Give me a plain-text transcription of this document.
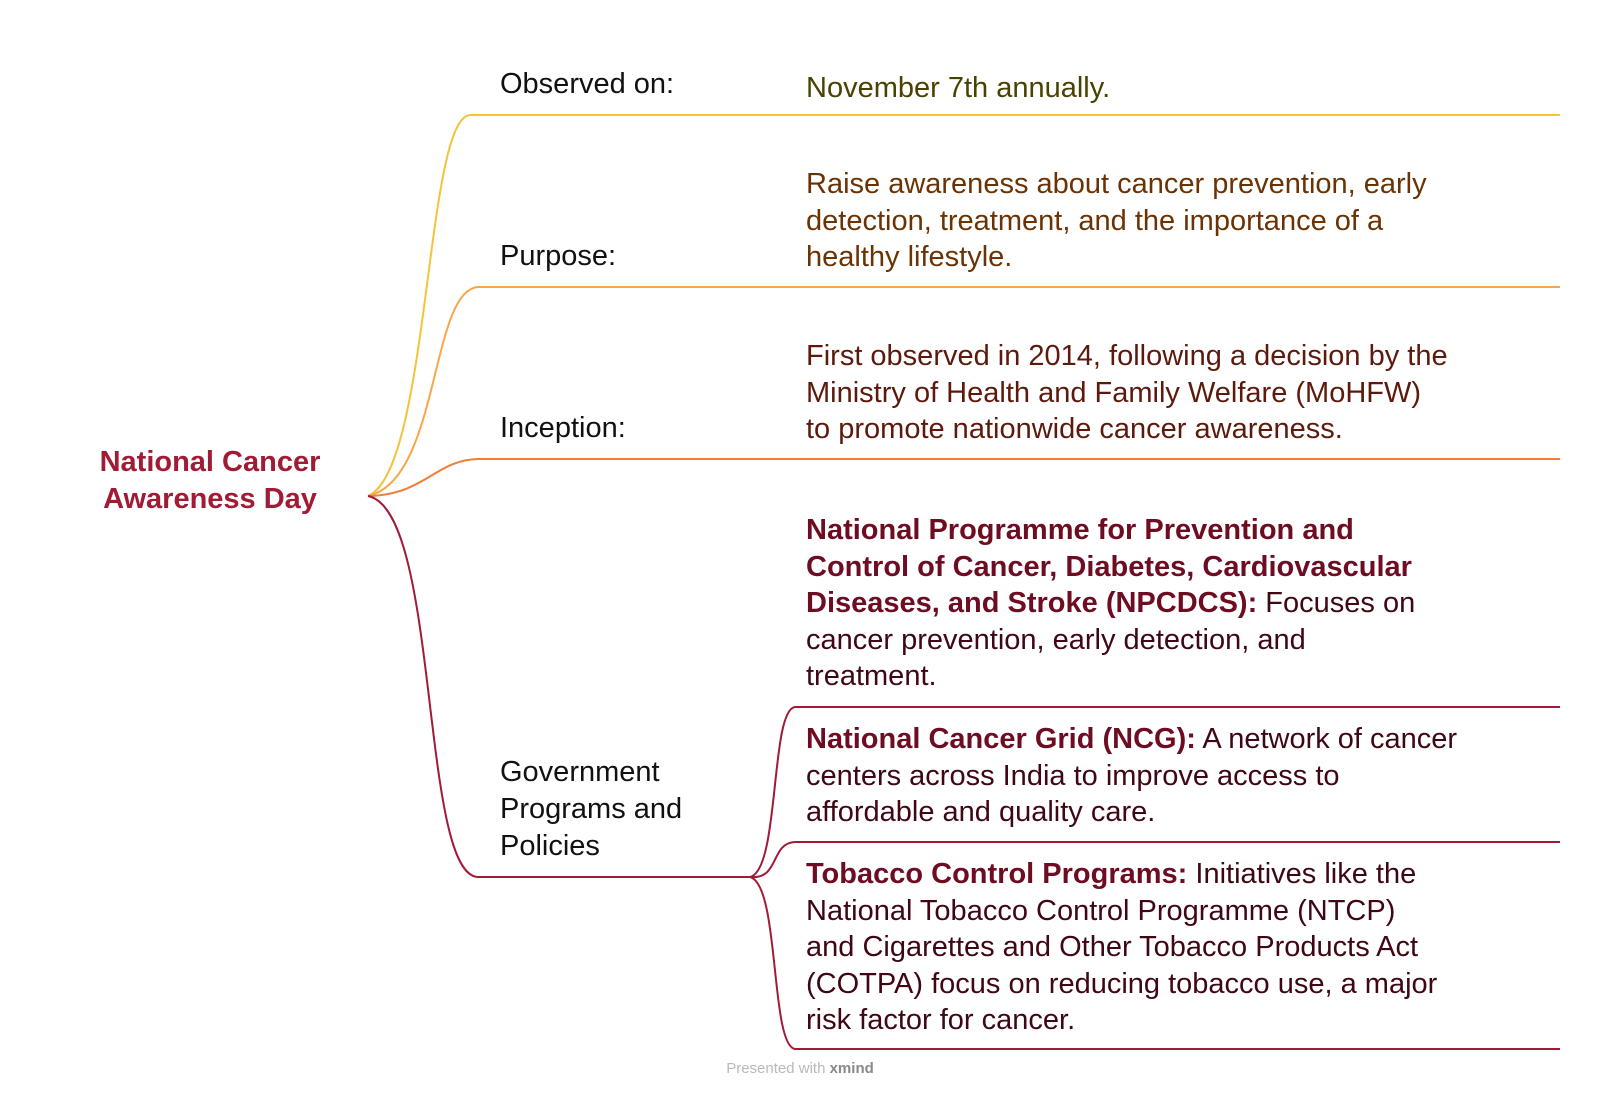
National Cancer
Awareness Day
Observed on:	November 7th annually.
Purpose:
Raise awareness about cancer prevention, early
detection, treatment, and the importance of a
healthy lifestyle.
Inception:
First observed in 2014, following a decision by the
Ministry of Health and Family Welfare (MoHFW)
to promote nationwide cancer awareness.
Government
Programs and
Policies
National Programme for Prevention and
Control of Cancer, Diabetes, Cardiovascular
Diseases, and Stroke (NPCDCS): Focuses on
cancer prevention, early detection, and
treatment.
National Cancer Grid (NCG): A network of cancer
centers across India to improve access to
affordable and quality care.
Tobacco Control Programs: Initiatives like the
National Tobacco Control Programme (NTCP)
and Cigarettes and Other Tobacco Products Act
(COTPA) focus on reducing tobacco use, a major
risk factor for cancer.
Presented with xmind
